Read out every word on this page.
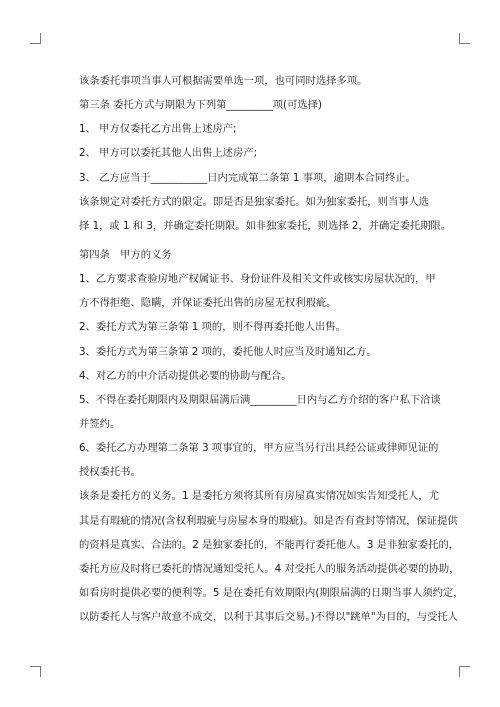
该条委托事项当事人可根据需要单选一项，也可同时选择多项。
第三条 委托方式与期限为下列第_________项(可选择)
1、 甲方仅委托乙方出售上述房产;
2、 甲方可以委托其他人出售上述房产;
3、 乙方应当于___________日内完成第二条第 1 事项，逾期本合同终止。
该条规定对委托方式的限定。即是否是独家委托。如为独家委托，则当事人选
择 1，或 1 和 3，并确定委托期限。如非独家委托，则选择 2，并确定委托期限。
第四条　甲方的义务
1、乙方要求查验房地产权属证书、身份证件及相关文件或核实房屋状况的，甲
方不得拒绝、隐瞒，并保证委托出售的房屋无权利瑕疵。
2、委托方式为第三条第 1 项的，则不得再委托他人出售。
3、委托方式为第三条第 2 项的，委托他人时应当及时通知乙方。
4、对乙方的中介活动提供必要的协助与配合。
5、不得在委托期限内及期限届满后满_________日内与乙方介绍的客户私下洽谈
并签约。
6、委托乙方办理第二条第 3 项事宜的，甲方应当另行出具经公证或律师见证的
授权委托书。
该条是委托方的义务。1 是委托方须将其所有房屋真实情况如实告知受托人，尤
其是有瑕疵的情况(含权利瑕疵与房屋本身的瑕疵)。如是否有查封等情况，保证提供
的资料是真实、合法的。2 是独家委托的，不能再行委托他人。3 是非独家委托的，
委托方应及时将已委托的情况通知受托人。4 对受托人的服务活动提供必要的协助，
如看房时提供必要的便利等。5 是在委托有效期限内(期限届满的日期当事人须约定，
以防委托人与客户故意不成交，以利于其事后交易。)不得以"跳单"为目的，与受托人
